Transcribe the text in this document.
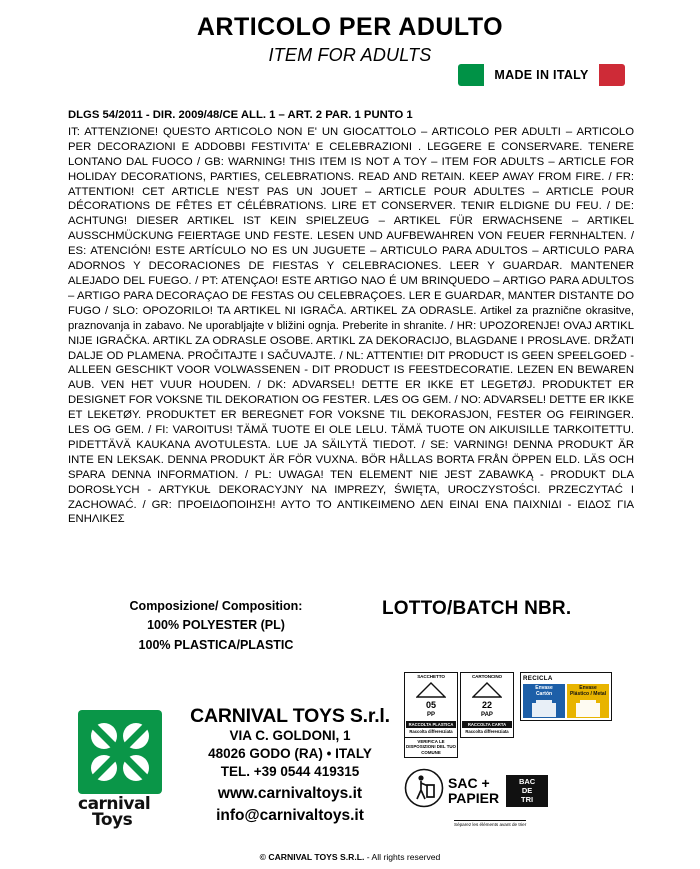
ARTICOLO PER ADULTO
ITEM FOR ADULTS
MADE IN ITALY
DLGS 54/2011 - DIR. 2009/48/CE ALL. 1 – ART. 2 PAR. 1 PUNTO 1
IT: ATTENZIONE! QUESTO ARTICOLO NON E' UN GIOCATTOLO – ARTICOLO PER ADULTI – ARTICOLO PER DECORAZIONI E ADDOBBI FESTIVITA' E CELEBRAZIONI . LEGGERE E CONSERVARE. TENERE LONTANO DAL FUOCO / GB: WARNING! THIS ITEM IS NOT A TOY – ITEM FOR ADULTS – ARTICLE FOR HOLIDAY DECORATIONS, PARTIES, CELEBRATIONS. READ AND RETAIN. KEEP AWAY FROM FIRE. / FR: ATTENTION! CET ARTICLE N'EST PAS UN JOUET – ARTICLE POUR ADULTES – ARTICLE POUR DÉCORATIONS DE FÊTES ET CÉLÉBRATIONS. LIRE ET CONSERVER. TENIR ELDIGNE DU FEU. / DE: ACHTUNG! DIESER ARTIKEL IST KEIN SPIELZEUG – ARTIKEL FÜR ERWACHSENE – ARTIKEL AUSSCHMÜCKUNG FEIERTAGE UND FESTE. LESEN UND AUFBEWAHREN VON FEUER FERNHALTEN. / ES: ATENCIÓN! ESTE ARTÍCULO NO ES UN JUGUETE – ARTICULO PARA ADULTOS – ARTICULO PARA ADORNOS Y DECORACIONES DE FIESTAS Y CELEBRACIONES. LEER Y GUARDAR. MANTENER ALEJADO DEL FUEGO. / PT: ATENÇAO! ESTE ARTIGO NAO É UM BRINQUEDO – ARTIGO PARA ADULTOS – ARTIGO PARA DECORAÇAO DE FESTAS OU CELEBRAÇOES. LER E GUARDAR, MANTER DISTANTE DO FUGO / SLO: OPOZORILO! TA ARTIKEL NI IGRAČA. ARTIKEL ZA ODRASLE. Artikel za praznične okrasitve, praznovanja in zabavo. Ne uporabljajte v bližini ognja. Preberite in shranite. / HR: UPOZORENJE! OVAJ ARTIKL NIJE IGRAČKA. ARTIKL ZA ODRASLE OSOBE. ARTIKL ZA DEKORACIJO, BLAGDANE I PROSLAVE. DRŽATI DALJE OD PLAMENA. PROČITAJTE I SAČUVAJTE. / NL: ATTENTIE! DIT PRODUCT IS GEEN SPEELGOED - ALLEEN GESCHIKT VOOR VOLWASSENEN - DIT PRODUCT IS FEESTDECORATIE. LEZEN EN BEWAREN AUB. VEN HET VUUR HOUDEN. / DK: ADVARSEL! DETTE ER IKKE ET LEGETØJ. PRODUKTET ER DESIGNET FOR VOKSNE TIL DEKORATION OG FESTER. LÆS OG GEM. / NO: ADVARSEL! DETTE ER IKKE ET LEKETØY. PRODUKTET ER BEREGNET FOR VOKSNE TIL DEKORASJON, FESTER OG FEIRINGER. LES OG GEM. / FI: VAROITUS! TÄMÄ TUOTE EI OLE LELU. TÄMÄ TUOTE ON AIKUISILLE TARKOITETTU. PIDETTÄVÄ KAUKANA AVOTULESTA. LUE JA SÄILYTÄ TIEDOT. / SE: VARNING! DENNA PRODUKT ÄR INTE EN LEKSAK. DENNA PRODUKT ÄR FÖR VUXNA. BÖR HÅLLAS BORTA FRÅN ÖPPEN ELD. LÄS OCH SPARA DENNA INFORMATION. / PL: UWAGA! TEN ELEMENT NIE JEST ZABAWKĄ - PRODUKT DLA DOROSŁYCH - ARTYKUŁ DEKORACYJNY NA IMPREZY, ŚWIĘTA, UROCZYSTOŚCI. PRZECZYTAĆ I ZACHOWAĆ. / GR: ΠΡΟΕΙΔΟΠΟΙΗΣΗ! ΑΥΤΟ ΤΟ ΑΝΤΙΚΕΙΜΕΝΟ ΔΕΝ ΕΙΝΑΙ ΕΝΑ ΠΑΙΧΝΙΔΙ - ΕΙΔΟΣ ΓΙΑ ΕΝΗΛΙΚΕΣ
Composizione/ Composition:
100% POLYESTER (PL)
100% PLASTICA/PLASTIC
LOTTO/BATCH NBR.
carnival
Toys
CARNIVAL TOYS S.r.l.
VIA C. GOLDONI, 1
48026 GODO (RA) • ITALY
TEL. +39 0544 419315
www.carnivaltoys.it
info@carnivaltoys.it
SACCHETTO
05
PP
RACCOLTA PLASTICA
Raccolta differenziata
VERIFICA LE DISPOSIZIONI DEL TUO COMUNE
CARTONCINO
22
PAP
RACCOLTA CARTA
Raccolta differenziata
RECICLA
Envase
Cartón
Envase
Plástico / Metal
SAC +
PAPIER
BAC
DE
TRI
Séparez les éléments avant de trier
© CARNIVAL TOYS S.R.L. - All rights reserved
